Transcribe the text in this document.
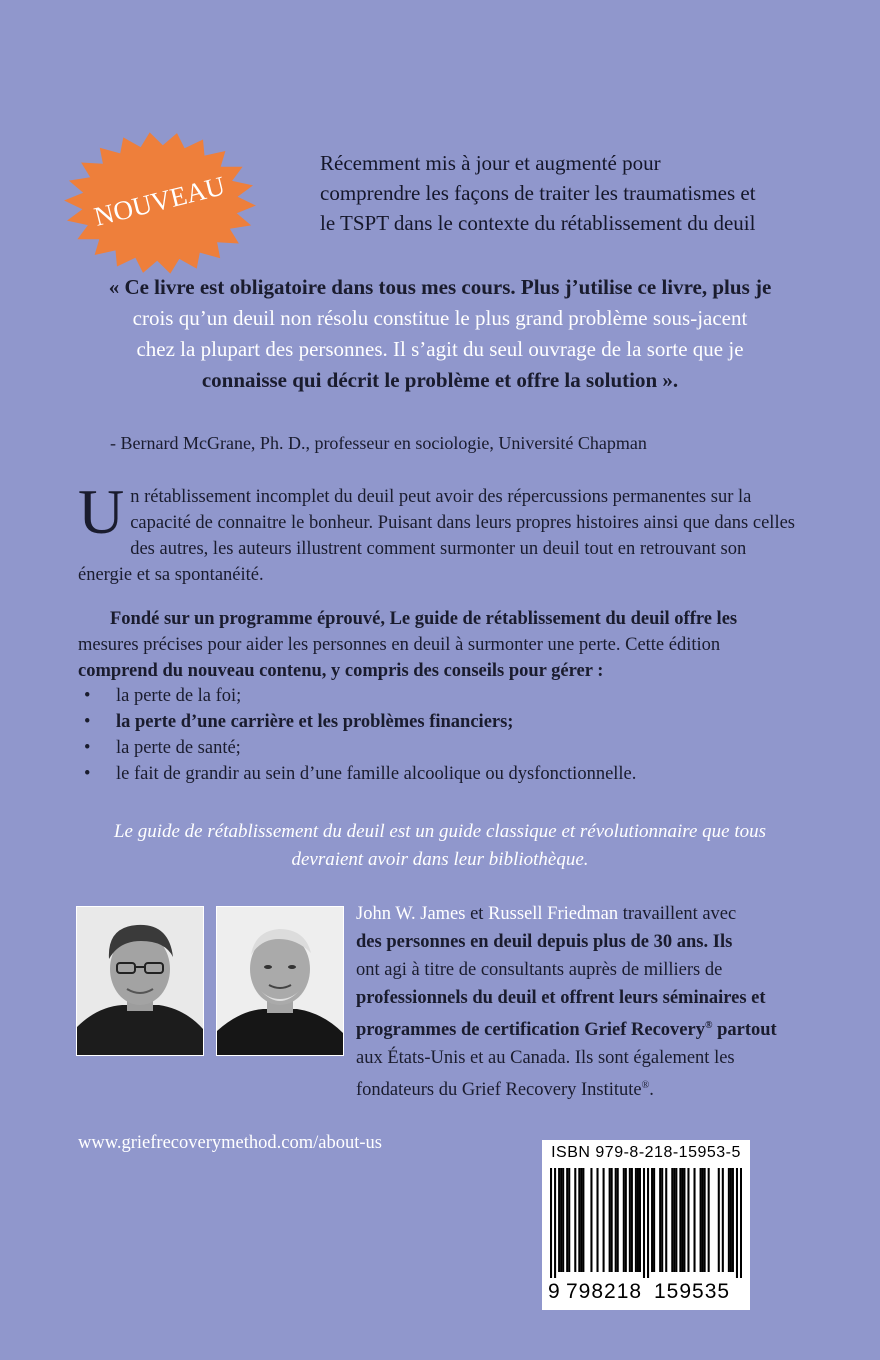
NOUVEAU

Récemment mis à jour et augmenté pour
comprendre les façons de traiter les traumatismes et
le TSPT dans le contexte du rétablissement du deuil

« Ce livre est obligatoire dans tous mes cours. Plus j’utilise ce livre, plus je
crois qu’un deuil non résolu constitue le plus grand problème sous-jacent
chez la plupart des personnes. Il s’agit du seul ouvrage de la sorte que je
connaisse qui décrit le problème et offre la solution ».

- Bernard McGrane, Ph. D., professeur en sociologie, Université Chapman

Un rétablissement incomplet du deuil peut avoir des répercussions permanentes sur la capacité de connaitre le bonheur. Puisant dans leurs propres histoires ainsi que dans celles des autres, les auteurs illustrent comment surmonter un deuil tout en retrouvant son énergie et sa spontanéité.

Fondé sur un programme éprouvé, Le guide de rétablissement du deuil offre les
mesures précises pour aider les personnes en deuil à surmonter une perte. Cette édition
comprend du nouveau contenu, y compris des conseils pour gérer :

• la perte de la foi;
• la perte d’une carrière et les problèmes financiers;
• la perte de santé;
• le fait de grandir au sein d’une famille alcoolique ou dysfonctionnelle.

Le guide de rétablissement du deuil est un guide classique et révolutionnaire que tous
devraient avoir dans leur bibliothèque.

John W. James et Russell Friedman travaillent avec
des personnes en deuil depuis plus de 30 ans. Ils
ont agi à titre de consultants auprès de milliers de
professionnels du deuil et offrent leurs séminaires et
programmes de certification Grief Recovery® partout
aux États-Unis et au Canada. Ils sont également les
fondateurs du Grief Recovery Institute®.

www.griefrecoverymethod.com/about-us	ISBN 979-8-218-15953-5
9 798218 159535
